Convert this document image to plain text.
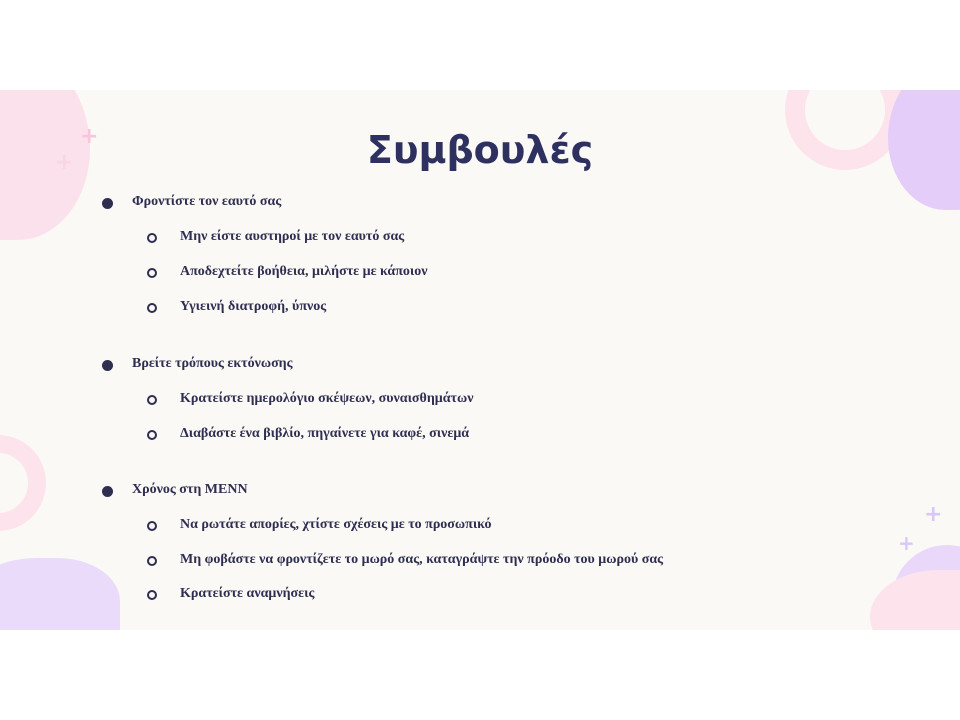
+
+
+
+
Συμβουλές
Φροντίστε τον εαυτό σας
Μην είστε αυστηροί με τον εαυτό σας
Αποδεχτείτε βοήθεια, μιλήστε με κάποιον
Υγιεινή διατροφή, ύπνος
Βρείτε τρόπους εκτόνωσης
Κρατείστε ημερολόγιο σκέψεων, συναισθημάτων
Διαβάστε ένα βιβλίο, πηγαίνετε για καφέ, σινεμά
Χρόνος στη ΜΕΝΝ
Να ρωτάτε απορίες, χτίστε σχέσεις με το προσωπικό
Μη φοβάστε να φροντίζετε το μωρό σας, καταγράψτε την πρόοδο του μωρού σας
Κρατείστε αναμνήσεις
